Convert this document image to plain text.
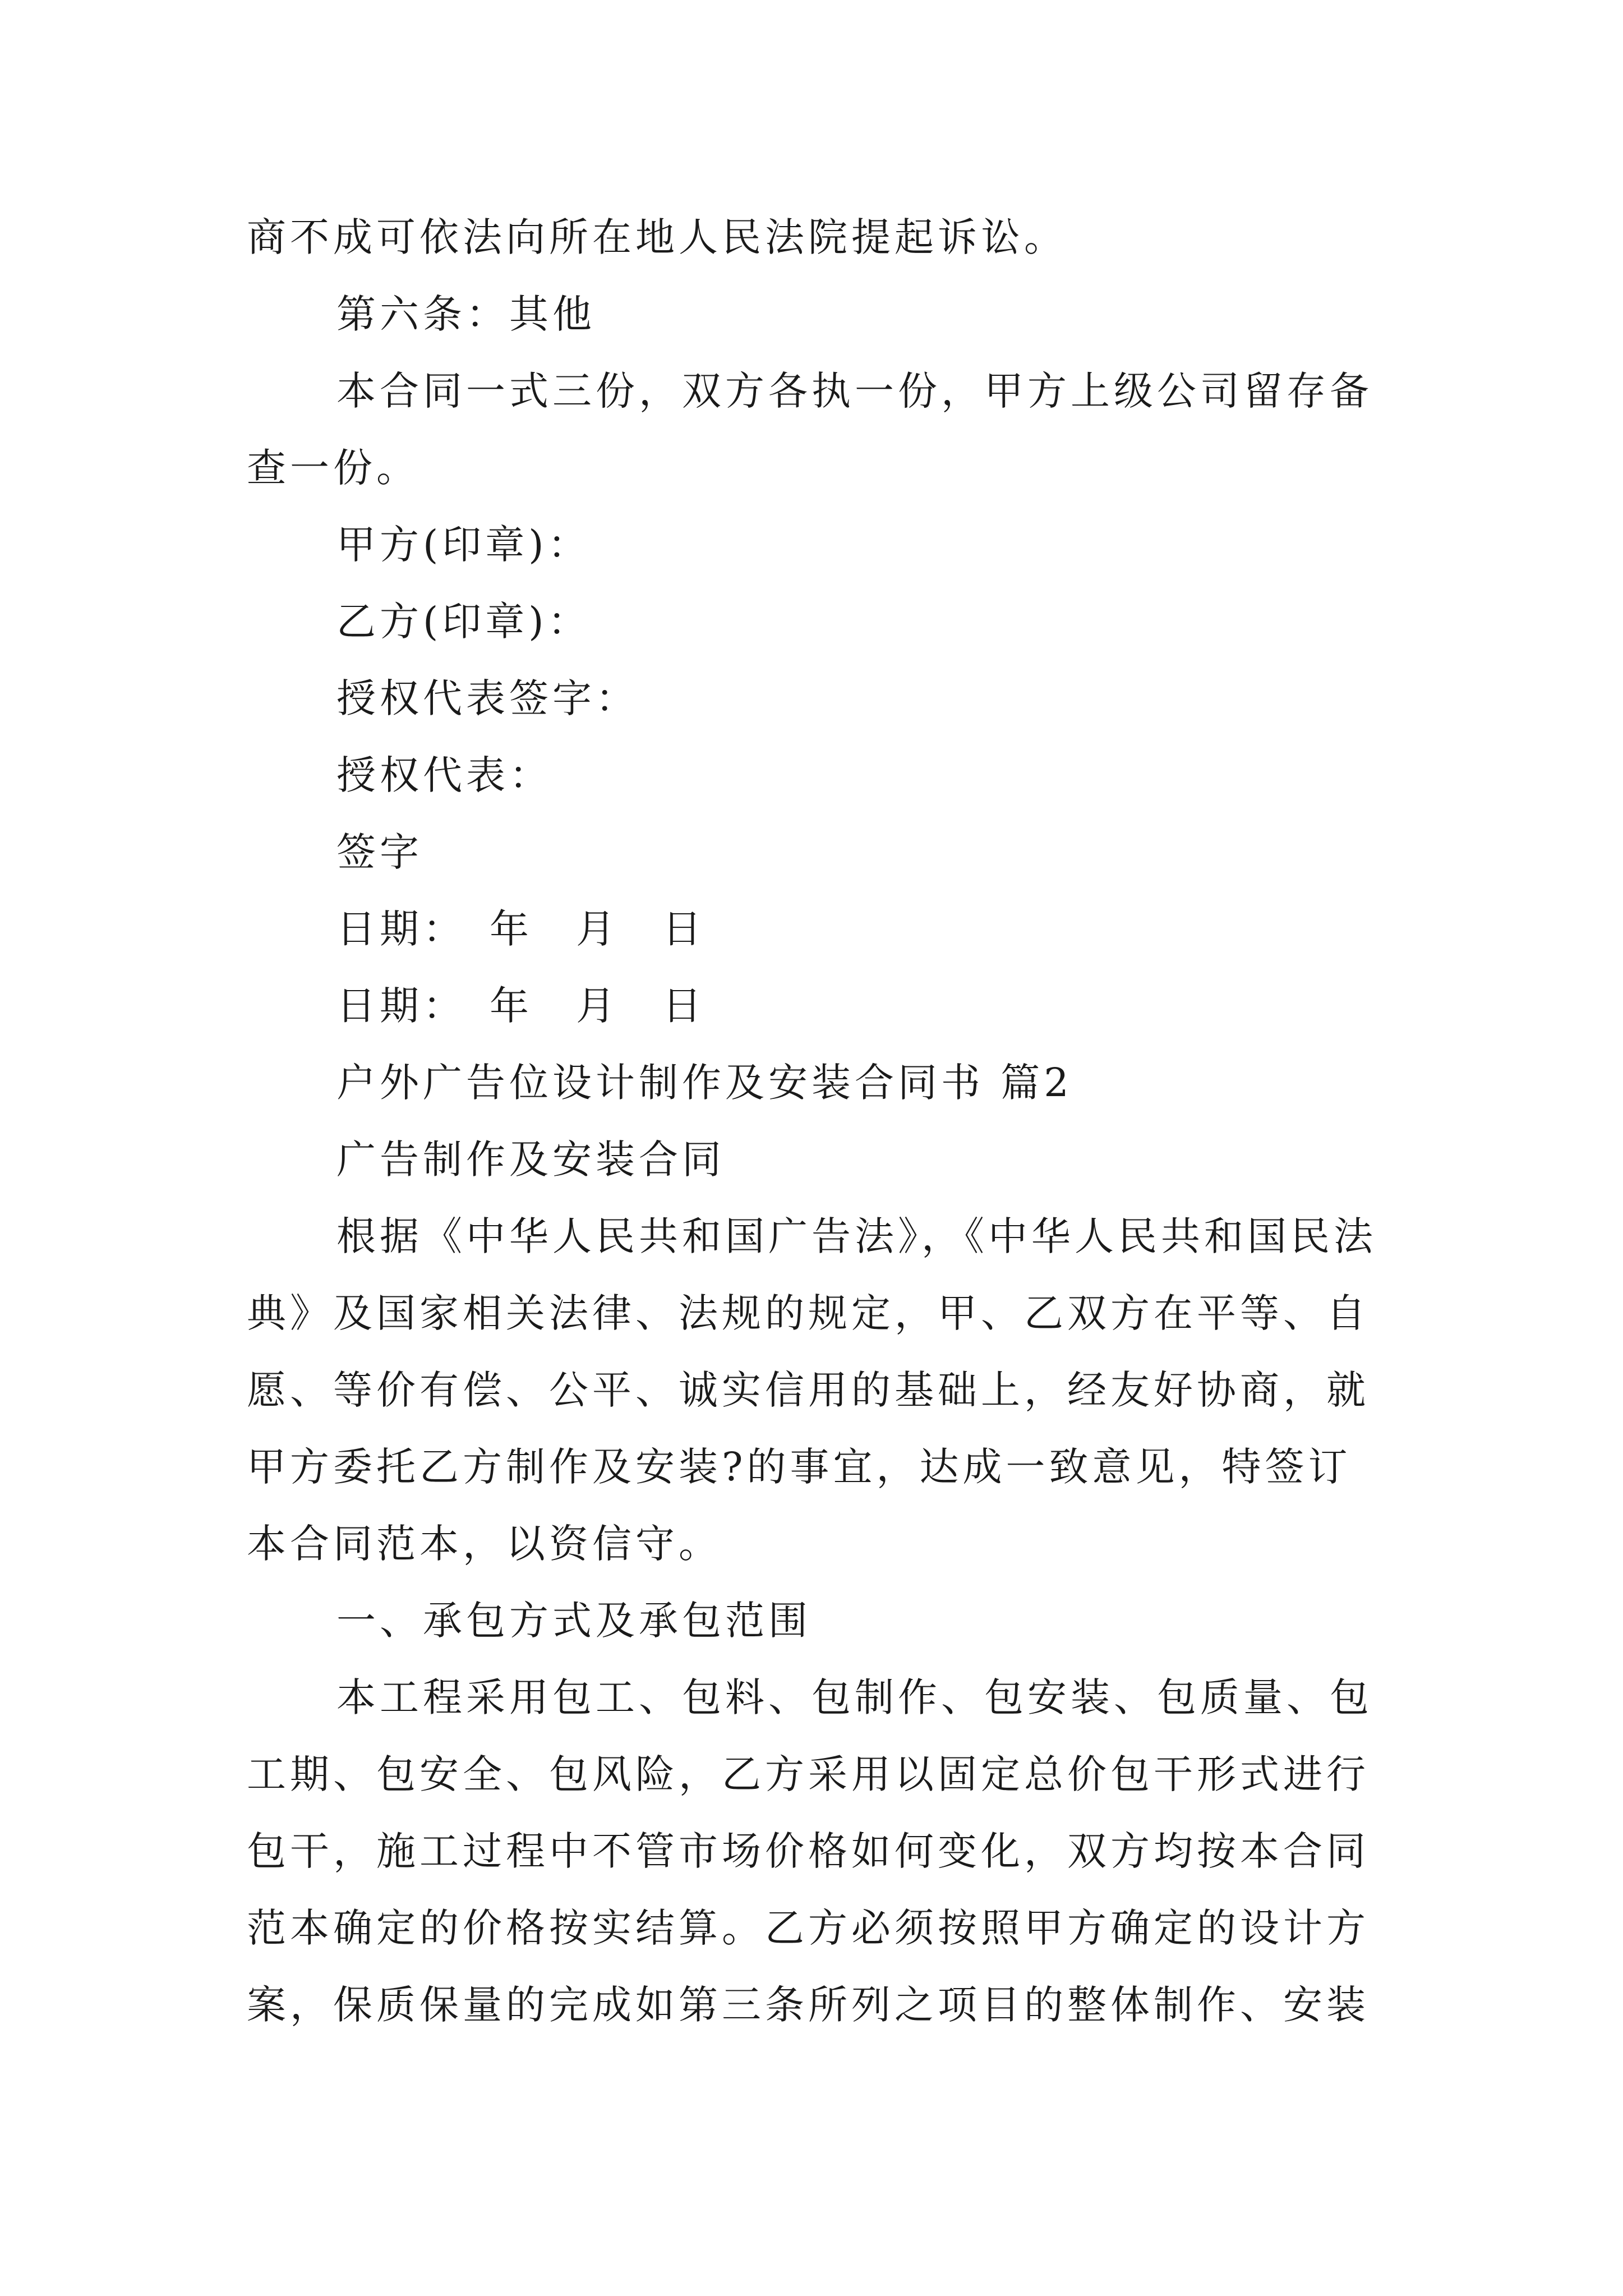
商不成可依法向所在地人民法院提起诉讼。
第六条：其他
本合同一式三份，双方各执一份，甲方上级公司留存备
查一份。
甲方(印章)：
乙方(印章)：
授权代表签字：
授权代表：
签字
日期：　年　月　日
日期：　年　月　日
户外广告位设计制作及安装合同书 篇2
广告制作及安装合同
根据《中华人民共和国广告法》，《中华人民共和国民法
典》及国家相关法律、法规的规定，甲、乙双方在平等、自
愿、等价有偿、公平、诚实信用的基础上，经友好协商，就
甲方委托乙方制作及安装?的事宜，达成一致意见，特签订
本合同范本，以资信守。
一、承包方式及承包范围
本工程采用包工、包料、包制作、包安装、包质量、包
工期、包安全、包风险，乙方采用以固定总价包干形式进行
包干，施工过程中不管市场价格如何变化，双方均按本合同
范本确定的价格按实结算。乙方必须按照甲方确定的设计方
案，保质保量的完成如第三条所列之项目的整体制作、安装
